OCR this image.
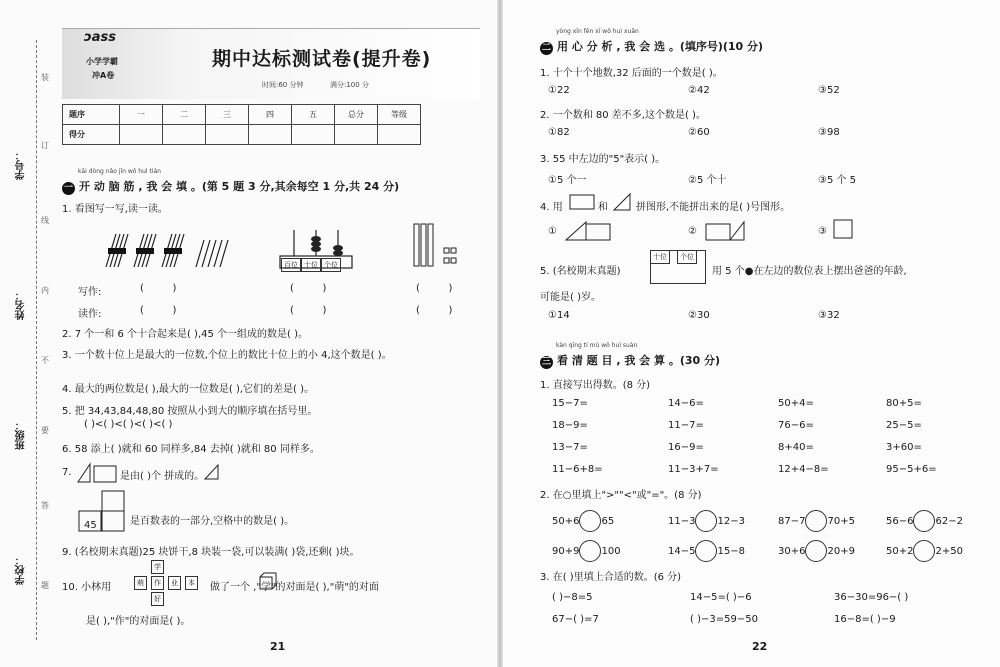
学号：
姓名：
班级：
学校：
装
订
线
内
不
要
答
题
ɔass
小学学霸
冲A卷
期中达标测试卷(提升卷)
时间:60 分钟	满分:100 分
题序	一	二	三	四	五	总分	等级
得分							
kāi dòng nǎo jīn wǒ huì tián
一 开 动 脑 筋 , 我 会 填 。(第 5 题 3 分,其余每空 1 分,共 24 分)
1. 看图写一写,读一读。
百位 十位 个位
写作:	(         )	(         )	(         )
读作:	(         )	(         )	(         )
2. 7 个一和 6 个十合起来是( ),45 个一组成的数是( )。
3. 一个数十位上是最大的一位数,个位上的数比十位上的小 4,这个数是( )。
4. 最大的两位数是( ),最大的一位数是( ),它们的差是( )。
5. 把 34,43,84,48,80 按照从小到大的顺序填在括号里。
( )<( )<( )<( )<( )
6. 58 添上( )就和 60 同样多,84 去掉( )就和 80 同样多。
7.	是由( )个 拼成的。
45	是百数表的一部分,空格中的数是( )。
9. (名校期末真题)25 块饼干,8 块装一袋,可以装满( )袋,还剩( )块。
10. 小林用
学
萌	作	业	本
好
做了一个 ,"学"的对面是( ),"萌"的对面
是( ),"作"的对面是( )。
21
yòng xīn fēn xī wǒ huì xuǎn
二 用 心 分 析 , 我 会 选 。(填序号)(10 分)
1. 十个十个地数,32 后面的一个数是( )。
①22	②42	③52
2. 一个数和 80 差不多,这个数是( )。
①82	②60	③98
3. 55 中左边的"5"表示( )。
①5 个一	②5 个十	③5 个 5
4. 用	和	拼图形,不能拼出来的是( )号图形。
①	②	③
5. (名校期末真题)
十位	个位
用 5 个●在左边的数位表上摆出爸爸的年龄,
可能是( )岁。
①14	②30	③32
kàn qīng tí mù wǒ huì suàn
三 看 清 题 目 , 我 会 算 。(30 分)
1. 直接写出得数。(8 分)
15−7=	14−6=	50+4=	80+5=
18−9=	11−7=	76−6=	25−5=
13−7=	16−9=	8+40=	3+60=
11−6+8=	11−3+7=	12+4−8=	95−5+6=
2. 在○里填上">""<"或"="。(8 分)
50+6 65	11−3 12−3	87−7 70+5	56−6 62−2
90+9 100	14−5 15−8	30+6 20+9	50+2 2+50
3. 在( )里填上合适的数。(6 分)
( )−8=5	14−5=( )−6	36−30=96−( )
67−( )=7	( )−3=59−50	16−8=( )−9
22
